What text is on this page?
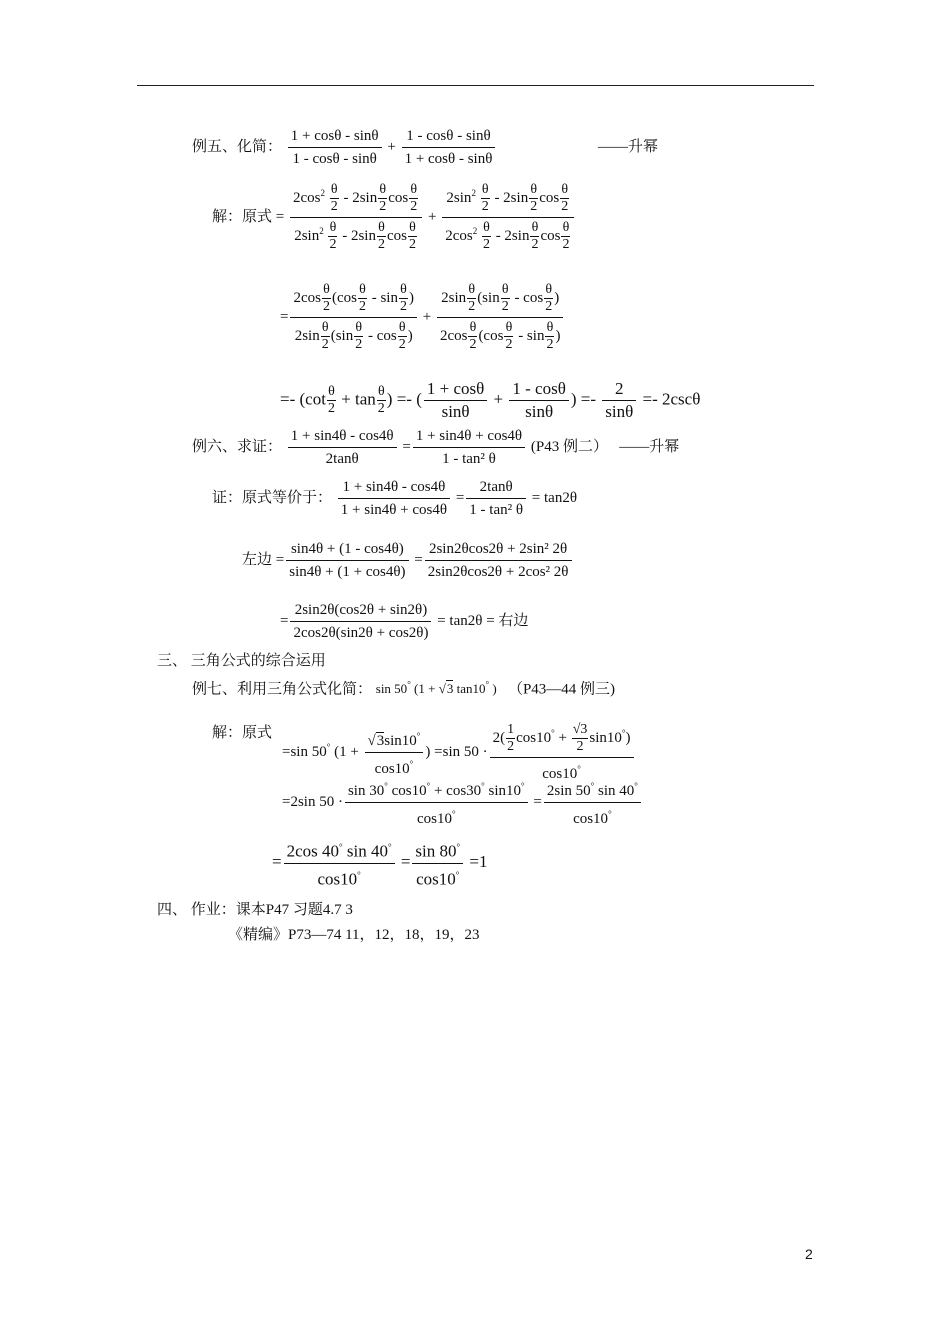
例五、化简： $\frac{1 + \cos\theta - \sin\theta}{1 - \cos\theta - \sin\theta} + \frac{1 - \cos\theta - \sin\theta}{1 + \cos\theta - \sin\theta}$	——升幂
解：原式 = $\frac{2\cos^2 \frac{\theta}{2} - 2\sin \frac{\theta}{2} \cos \frac{\theta}{2}}{2\sin^2 \frac{\theta}{2} - 2\sin \frac{\theta}{2} \cos \frac{\theta}{2}} + \frac{2\sin^2 \frac{\theta}{2} - 2\sin \frac{\theta}{2} \cos \frac{\theta}{2}}{2\cos^2 \frac{\theta}{2} - 2\sin \frac{\theta}{2} \cos \frac{\theta}{2}}$
= $\frac{2\cos \frac{\theta}{2} (\cos \frac{\theta}{2} - \sin \frac{\theta}{2} )}{2\sin \frac{\theta}{2} (\sin \frac{\theta}{2} - \cos \frac{\theta}{2} )} + \frac{2\sin \frac{\theta}{2} (\sin \frac{\theta}{2} - \cos \frac{\theta}{2} )}{2\cos \frac{\theta}{2} (\cos \frac{\theta}{2} - \sin \frac{\theta}{2} )}$
=- ($\cot \frac{\theta}{2} + \tan \frac{\theta}{2}$ ) =- ( $\frac{1 + \cos\theta}{\sin\theta} + \frac{1 - \cos\theta}{\sin\theta}$ ) =- $\frac{2}{\sin\theta} =- 2\csc\theta$
例六、求证： $\frac{1 + \sin 4\theta - \cos 4\theta}{2\tan\theta} = \frac{1 + \sin 4\theta + \cos 4\theta}{\text{1 - tan² θ}} (P43$ 例二） ——升幂
证：原式等价于： $\frac{1 + \sin 4\theta - \cos 4\theta}{1 + \sin 4\theta + \cos 4\theta} = \frac{2\tan\theta}{\text{1 - tan² θ}} = \tan 2\theta$
左边 = $\frac{\sin 4\theta + (1 - \cos 4\theta)}{\sin 4\theta + (1 + \cos 4\theta)} = \frac{\text{2sin2θcos2θ + 2sin² 2θ}}{\text{2sin2θcos2θ + 2cos² 2θ}}$
= $\frac{2\sin 2\theta(\cos 2\theta + \sin 2\theta)}{2\cos 2\theta(\sin 2\theta + \cos 2\theta)} = \tan 2\theta$ = 右边
三、 三角公式的综合运用
例七、利用三角公式化简： sin 50° (1 + √3 tan10° ) （P43—44 例三)
解：原式
=sin 50° ($1 + \frac{√3\sin 10^\circ}{\cos 10^\circ}$ ) =sin $50 \cdot \frac{2( \frac{1}{2} \cos 10^\circ + \frac{√3}{2} \sin 10^\circ)}{\cos 10^\circ}$
=2sin $50 \cdot \frac{\sin 30^\circ \cos 10^\circ + \cos 30^\circ \sin 10^\circ}{\cos 10^\circ} = \frac{2\sin 50^\circ \sin 40^\circ}{\cos 10^\circ}$
= $\frac{2\cos 40^\circ \sin 40^\circ}{\cos 10^\circ} = \frac{\sin 80^\circ}{\cos 10^\circ} =1$
四、 作业：课本P47 习题4.7 3
《精编》P73—74 11，12，18，19，23
2
